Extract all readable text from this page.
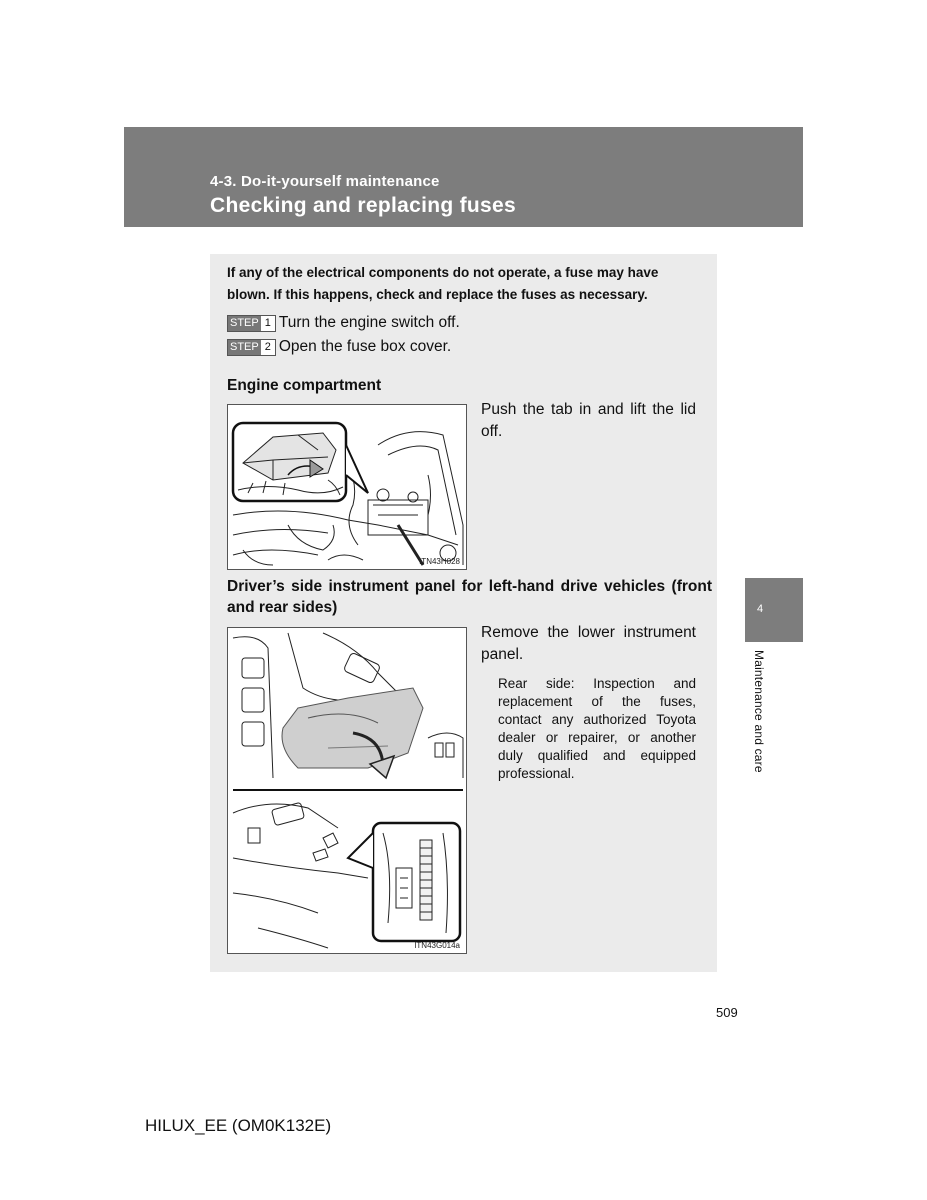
4-3. Do-it-yourself maintenance
Checking and replacing fuses
If any of the electrical components do not operate, a fuse may have blown. If this happens, check and replace the fuses as necessary.
STEP 1 Turn the engine switch off.
STEP 2 Open the fuse box cover.
Engine compartment
ITN43H028
Push the tab in and lift the lid off.
Driver’s side instrument panel for left-hand drive vehicles (front and rear sides)
ITN43G014a
Remove the lower instrument panel.
Rear side: Inspection and replacement of the fuses, contact any authorized Toyota dealer or repairer, or another duly qualified and equipped professional.
4
Maintenance and care
509
HILUX_EE (OM0K132E)
